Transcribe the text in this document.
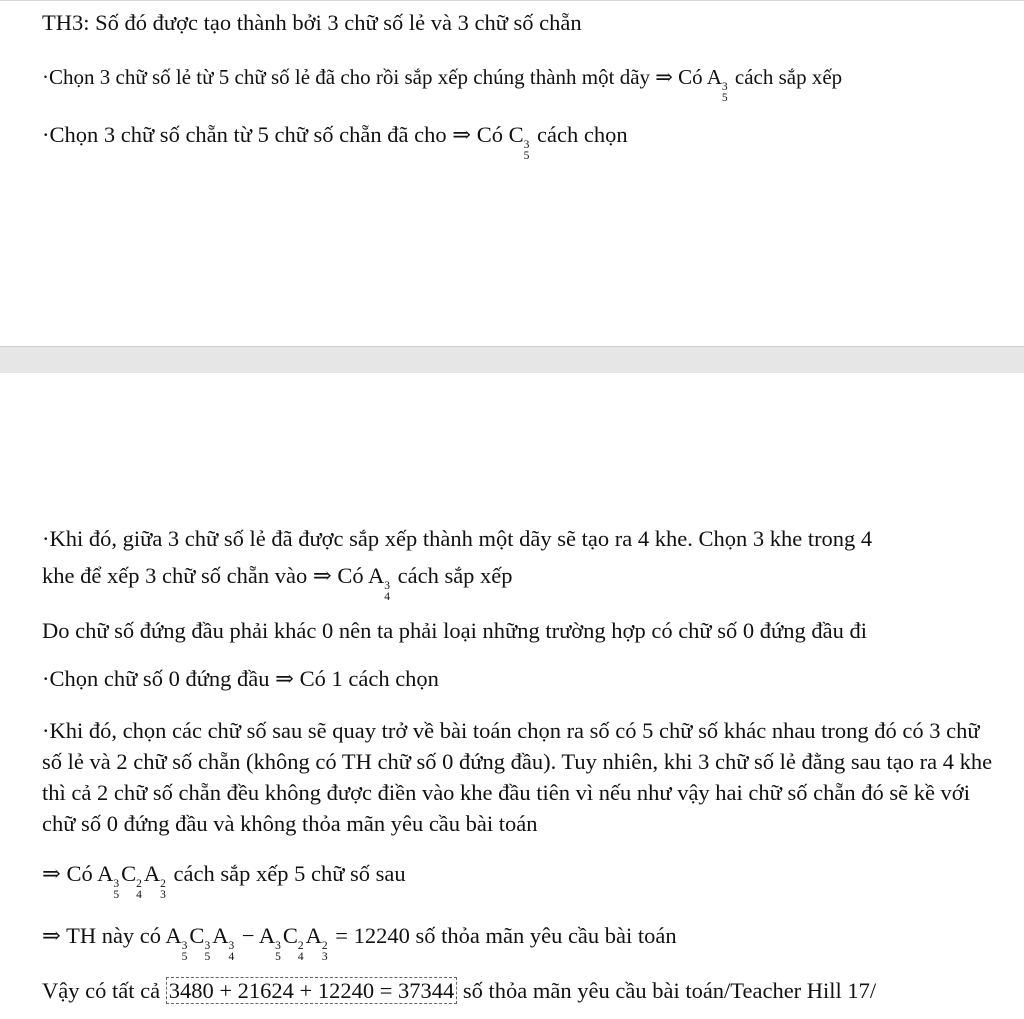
TH3: Số đó được tạo thành bởi 3 chữ số lẻ và 3 chữ số chẵn
·Chọn 3 chữ số lẻ từ 5 chữ số lẻ đã cho rồi sắp xếp chúng thành một dãy ⇒ Có A 3
5
cách sắp xếp
·Chọn 3 chữ số chẵn từ 5 chữ số chẵn đã cho ⇒ Có C 3
5
cách chọn
·Khi đó, giữa 3 chữ số lẻ đã được sắp xếp thành một dãy sẽ tạo ra 4 khe. Chọn 3 khe trong 4
khe để xếp 3 chữ số chẵn vào ⇒ Có A 3
4
cách sắp xếp
Do chữ số đứng đầu phải khác 0 nên ta phải loại những trường hợp có chữ số 0 đứng đầu đi
·Chọn chữ số 0 đứng đầu ⇒ Có 1 cách chọn
·Khi đó, chọn các chữ số sau sẽ quay trở về bài toán chọn ra số có 5 chữ số khác nhau trong đó có 3 chữ số lẻ và 2 chữ số chẵn (không có TH chữ số 0 đứng đầu). Tuy nhiên, khi 3 chữ số lẻ đằng sau tạo ra 4 khe thì cả 2 chữ số chẵn đều không được điền vào khe đầu tiên vì nếu như vậy hai chữ số chẵn đó sẽ kề với chữ số 0 đứng đầu và không thỏa mãn yêu cầu bài toán
⇒ Có A 3
5
C 2
4
A 2
3
cách sắp xếp 5 chữ số sau
⇒ TH này có A 3
5
C 3
5
A 3
4
− A 3
5
C 2
4
A 2
3
= 12240 số thỏa mãn yêu cầu bài toán
Vậy có tất cả 3480 + 21624 + 12240 = 37344 số thỏa mãn yêu cầu bài toán/Teacher Hill 17/
